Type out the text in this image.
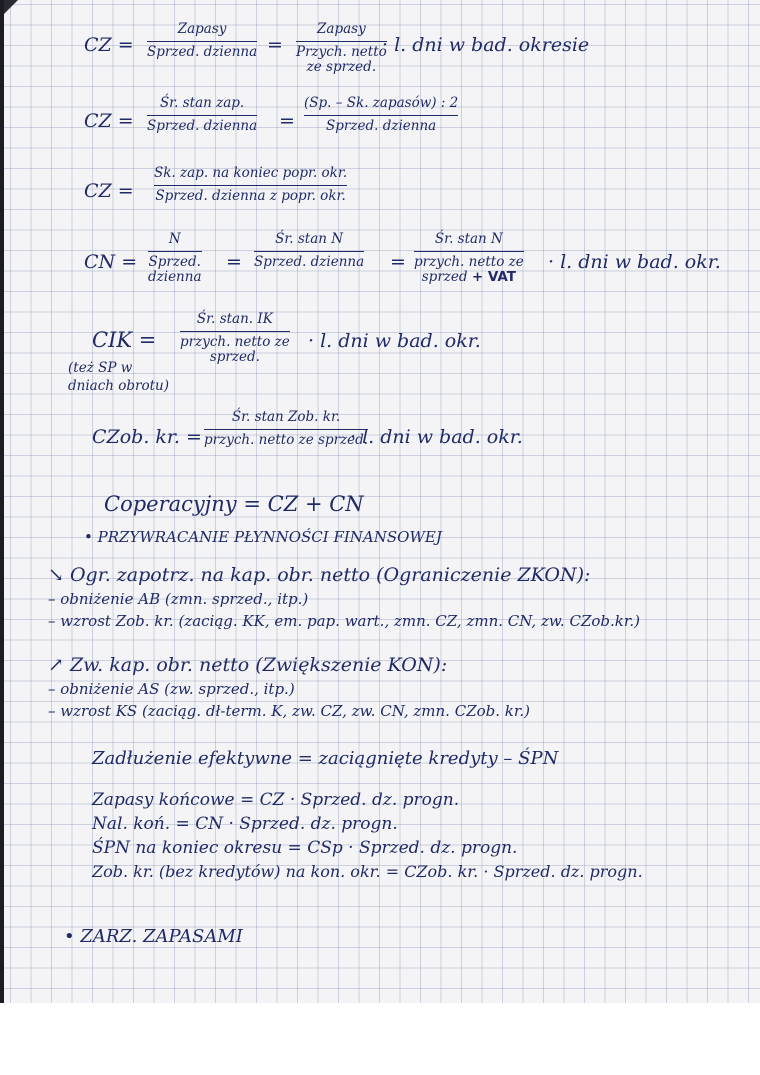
CZ =
Zapasy
Sprzed. dzienna =
Zapasy
Przych. netto
ze sprzed.
· l. dni w bad. okresie
CZ =
Śr. stan zap.
Sprzed. dzienna =
(Sp. – Sk. zapasów) : 2
Sprzed. dzienna
CZ =
Sk. zap. na koniec popr. okr.
Sprzed. dzienna z popr. okr.
CN =
N
Sprzed.
dzienna
=
Śr. stan N
Sprzed. dzienna =
Śr. stan N
przych. netto ze
sprzed + VAT
· l. dni w bad. okr.
CIK =
Śr. stan. IK
przych. netto ze
sprzed.
· l. dni w bad. okr.
(też SP w
dniach obrotu)
CZob. kr. =
Śr. stan Zob. kr.
przych. netto ze sprzed.
· l. dni w bad. okr.
Coperacyjny = CZ + CN
• PRZYWRACANIE PŁYNNOŚCI FINANSOWEJ
↘ Ogr. zapotrz. na kap. obr. netto (Ograniczenie ZKON):
– obniżenie AB (zmn. sprzed., itp.)
– wzrost Zob. kr. (zaciąg. KK, em. pap. wart., zmn. CZ, zmn. CN, zw. CZob.kr.)
↗ Zw. kap. obr. netto (Zwiększenie KON):
– obniżenie AS (zw. sprzed., itp.)
– wzrost KS (zaciąg. dł-term. K, zw. CZ, zw. CN, zmn. CZob. kr.)
Zadłużenie efektywne = zaciągnięte kredyty – ŚPN
Zapasy końcowe = CZ · Sprzed. dz. progn.
Nal. koń. = CN · Sprzed. dz. progn.
ŚPN na koniec okresu = CSp · Sprzed. dz. progn.
Zob. kr. (bez kredytów) na kon. okr. = CZob. kr. · Sprzed. dz. progn.
• ZARZ. ZAPASAMI
